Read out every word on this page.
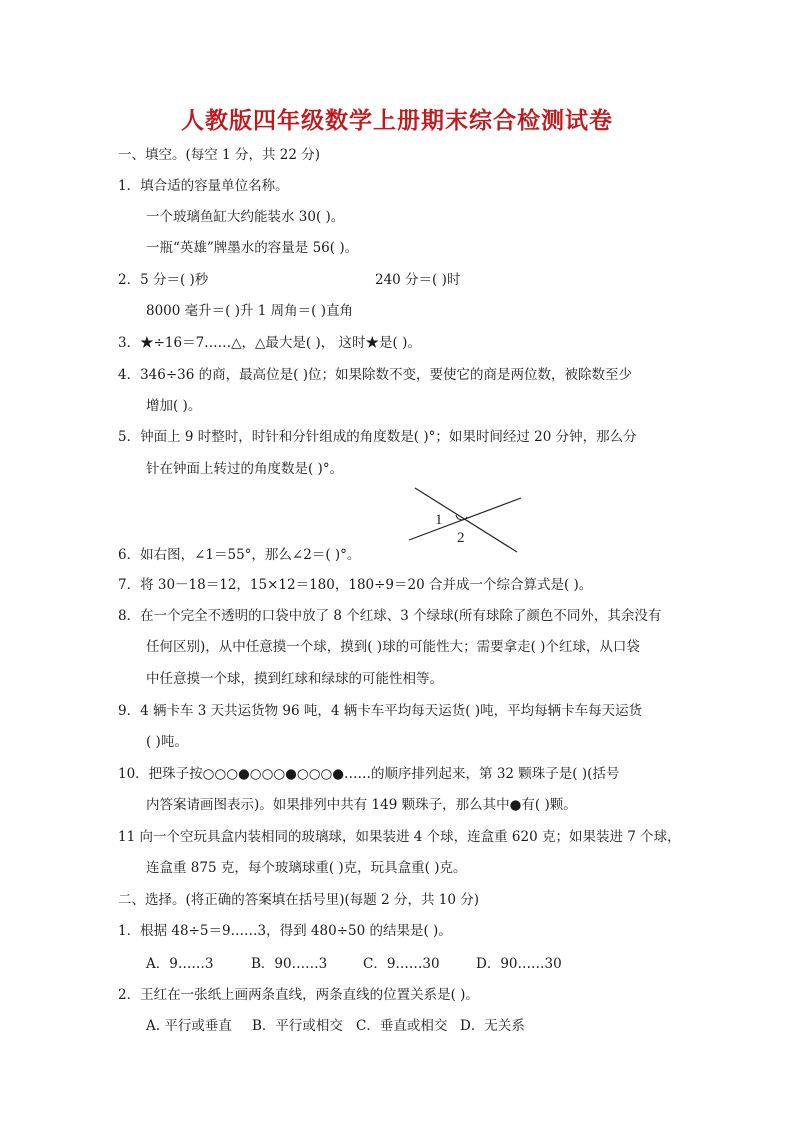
人教版四年级数学上册期末综合检测试卷
一、填空。(每空 1 分，共 22 分)
1．填合适的容量单位名称。
一个玻璃鱼缸大约能装水 30( )。
一瓶“英雄”牌墨水的容量是 56( )。
2．5 分＝( )秒	240 分＝( )时
8000 毫升＝( )升 1 周角＝( )直角
3．★÷16＝7……△，△最大是( )， 这时★是( )。
4．346÷36 的商，最高位是( )位；如果除数不变，要使它的商是两位数，被除数至少
增加( )。
5．钟面上 9 时整时，时针和分针组成的角度数是( )°；如果时间经过 20 分钟，那么分
针在钟面上转过的角度数是( )°。
1
2
6．如右图，∠1＝55°，那么∠2＝( )°。
7．将 30－18＝12，15×12＝180，180÷9＝20 合并成一个综合算式是( )。
8．在一个完全不透明的口袋中放了 8 个红球、3 个绿球(所有球除了颜色不同外，其余没有
任何区别)，从中任意摸一个球，摸到( )球的可能性大；需要拿走( )个红球，从口袋
中任意摸一个球，摸到红球和绿球的可能性相等。
9．4 辆卡车 3 天共运货物 96 吨，4 辆卡车平均每天运货( )吨，平均每辆卡车每天运货
( )吨。
10．把珠子按○○○●○○○●○○○●……的顺序排列起来，第 32 颗珠子是( )(括号
内答案请画图表示)。如果排列中共有 149 颗珠子，那么其中●有( )颗。
11 向一个空玩具盒内装相同的玻璃球，如果装进 4 个球，连盒重 620 克；如果装进 7 个球，
连盒重 875 克，每个玻璃球重( )克，玩具盒重( )克。
二、选择。(将正确的答案填在括号里)(每题 2 分，共 10 分)
1．根据 48÷5＝9……3，得到 480÷50 的结果是( )。
A．9……3	B．90……3	C．9……30	D．90……30
2．王红在一张纸上画两条直线，两条直线的位置关系是( )。
A. 平行或垂直 B．平行或相交 C．垂直或相交 D．无关系
